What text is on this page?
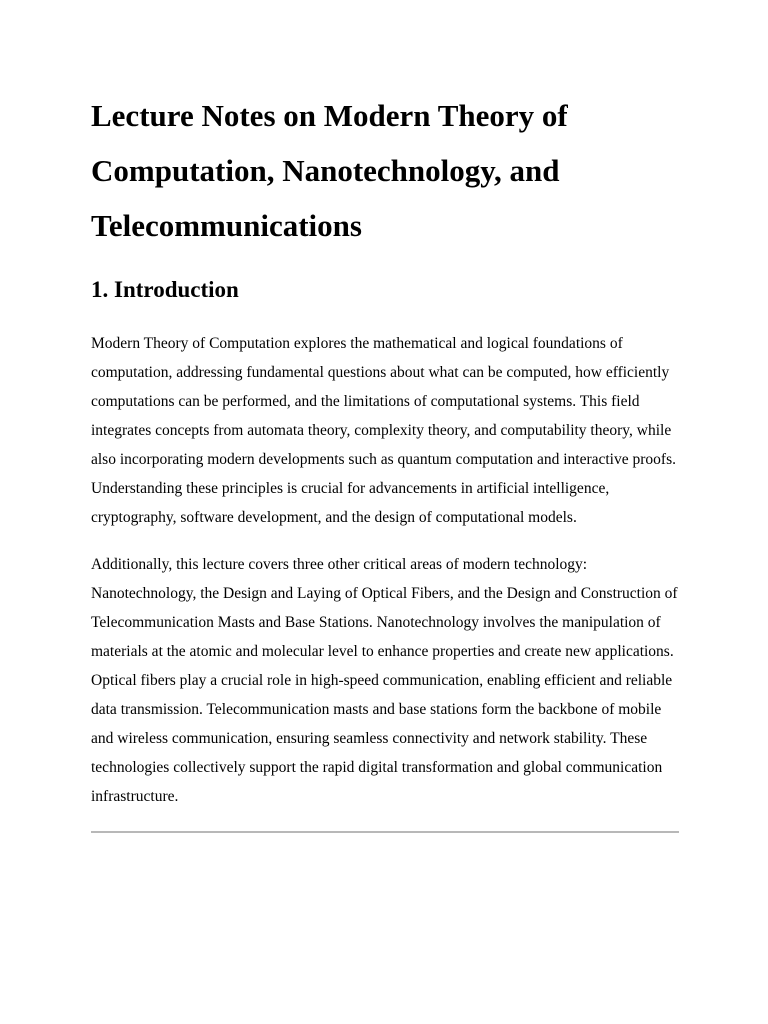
Lecture Notes on Modern Theory of Computation, Nanotechnology, and Telecommunications
1. Introduction

Modern Theory of Computation explores the mathematical and logical foundations of computation, addressing fundamental questions about what can be computed, how efficiently computations can be performed, and the limitations of computational systems. This field integrates concepts from automata theory, complexity theory, and computability theory, while also incorporating modern developments such as quantum computation and interactive proofs. Understanding these principles is crucial for advancements in artificial intelligence, cryptography, software development, and the design of computational models.

Additionally, this lecture covers three other critical areas of modern technology: Nanotechnology, the Design and Laying of Optical Fibers, and the Design and Construction of Telecommunication Masts and Base Stations. Nanotechnology involves the manipulation of materials at the atomic and molecular level to enhance properties and create new applications. Optical fibers play a crucial role in high-speed communication, enabling efficient and reliable data transmission. Telecommunication masts and base stations form the backbone of mobile and wireless communication, ensuring seamless connectivity and network stability. These technologies collectively support the rapid digital transformation and global communication infrastructure.
